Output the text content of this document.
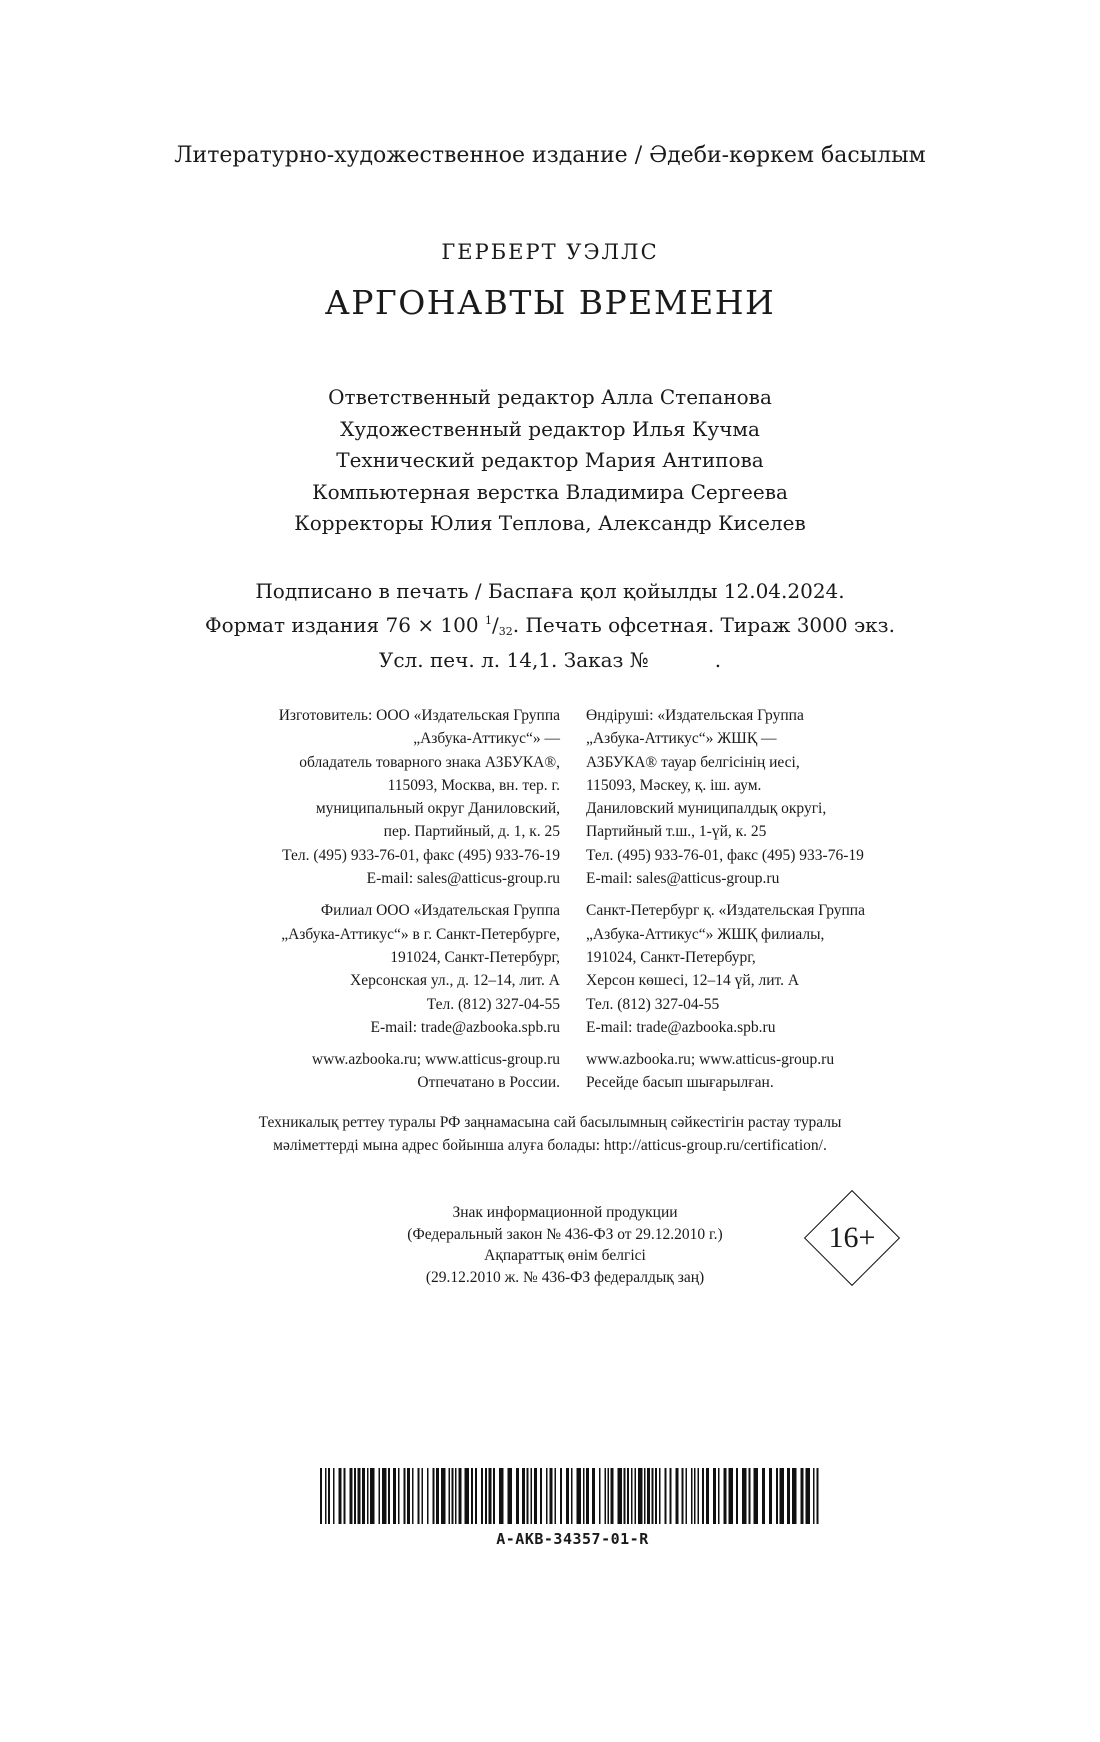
Литературно-художественное издание / Әдеби-көркем басылым
ГЕРБЕРТ УЭЛЛС
АРГОНАВТЫ ВРЕМЕНИ
Ответственный редактор Алла Степанова
Художественный редактор Илья Кучма
Технический редактор Мария Антипова
Компьютерная верстка Владимира Сергеева
Корректоры Юлия Теплова, Александр Киселев
Подписано в печать / Баспаға қол қойылды 12.04.2024.
Формат издания 76 × 100 $^1/_{32}$. Печать офсетная. Тираж 3000 экз.
Усл. печ. л. 14,1. Заказ №	.
Изготовитель: ООО «Издательская Группа
„Азбука-Аттикус“» —
обладатель товарного знака АЗБУКА®,
115093, Москва, вн. тер. г.
муниципальный округ Даниловский,
пер. Партийный, д. 1, к. 25
Тел. (495) 933-76-01, факс (495) 933-76-19
E-mail: sales@atticus-group.ru
Филиал ООО «Издательская Группа
„Азбука-Аттикус“» в г. Санкт-Петербурге,
191024, Санкт-Петербург,
Херсонская ул., д. 12–14, лит. А
Тел. (812) 327-04-55
E-mail: trade@azbooka.spb.ru
www.azbooka.ru; www.atticus-group.ru
Отпечатано в России.
Өндіруші: «Издательская Группа
„Азбука-Аттикус“» ЖШҚ —
АЗБУКА® тауар белгісінің иесі,
115093, Мәскеу, қ. іш. аум.
Даниловский муниципалдық округі,
Партийный т.ш., 1-үй, к. 25
Тел. (495) 933-76-01, факс (495) 933-76-19
E-mail: sales@atticus-group.ru
Санкт-Петербург қ. «Издательская Группа
„Азбука-Аттикус“» ЖШҚ филиалы,
191024, Санкт-Петербург,
Херсон көшесі, 12–14 үй, лит. А
Тел. (812) 327-04-55
E-mail: trade@azbooka.spb.ru
www.azbooka.ru; www.atticus-group.ru
Ресейде басып шығарылған.
Техникалық реттеу туралы РФ заңнамасына сай басылымның сәйкестігін растау туралы
мәліметтерді мына адрес бойынша алуға болады: http://atticus-group.ru/certification/.
Знак информационной продукции
(Федеральный закон № 436-ФЗ от 29.12.2010 г.)
Ақпараттық өнім белгісі
(29.12.2010 ж. № 436-ФЗ федералдық заң)
16+
A-AKB-34357-01-R
